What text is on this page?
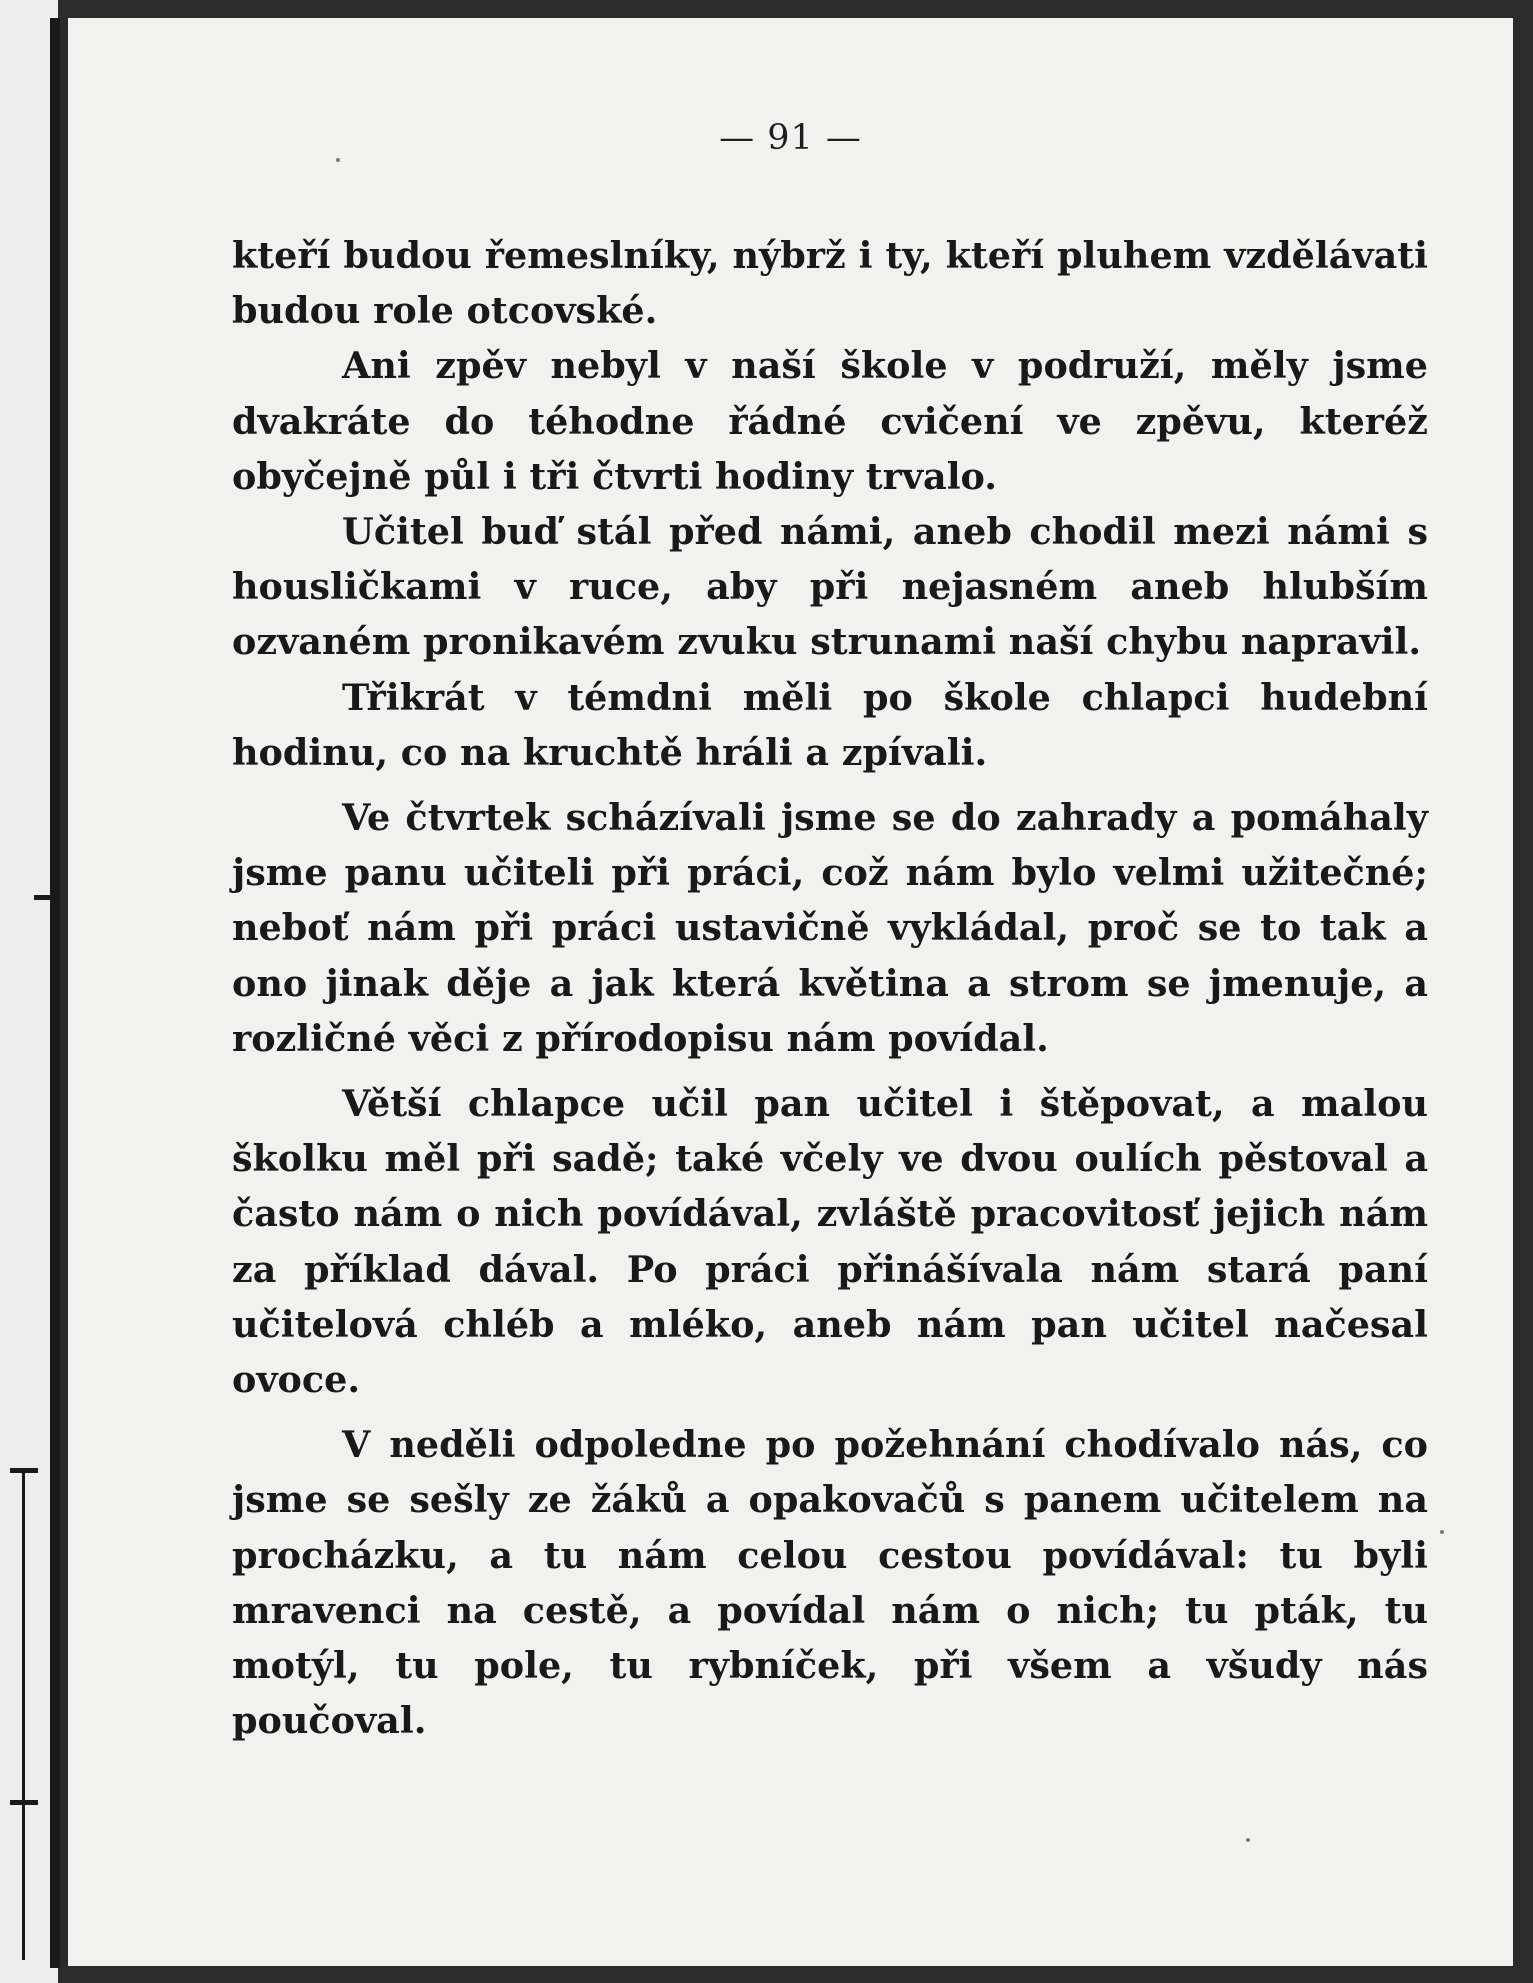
— 91 —

kteří budou řemeslníky, nýbrž i ty, kteří pluhem vzdělávati budou role otcovské.

Ani zpěv nebyl v naší škole v podruží, měly jsme dvakráte do téhodne řádné cvičení ve zpěvu, kteréž obyčejně půl i tři čtvrti hodiny trvalo.

Učitel buď stál před námi, aneb chodil mezi námi s housličkami v ruce, aby při nejasném aneb hlubším ozvaném pronikavém zvuku strunami naší chybu napravil.

Třikrát v témdni měli po škole chlapci hudební hodinu, co na kruchtě hráli a zpívali.

Ve čtvrtek scházívali jsme se do zahrady a pomáhaly jsme panu učiteli při práci, což nám bylo velmi užitečné; neboť nám při práci ustavičně vykládal, proč se to tak a ono jinak děje a jak která květina a strom se jmenuje, a rozličné věci z přírodopisu nám povídal.

Větší chlapce učil pan učitel i štěpovat, a malou školku měl při sadě; také včely ve dvou oulích pěstoval a často nám o nich povídával, zvláště pracovitosť jejich nám za příklad dával. Po práci přinášívala nám stará paní učitelová chléb a mléko, aneb nám pan učitel načesal ovoce.

V neděli odpoledne po požehnání chodívalo nás, co jsme se sešly ze žáků a opakovačů s panem učitelem na procházku, a tu nám celou cestou povídával: tu byli mravenci na cestě, a povídal nám o nich; tu pták, tu motýl, tu pole, tu rybníček, při všem a všudy nás poučoval.
